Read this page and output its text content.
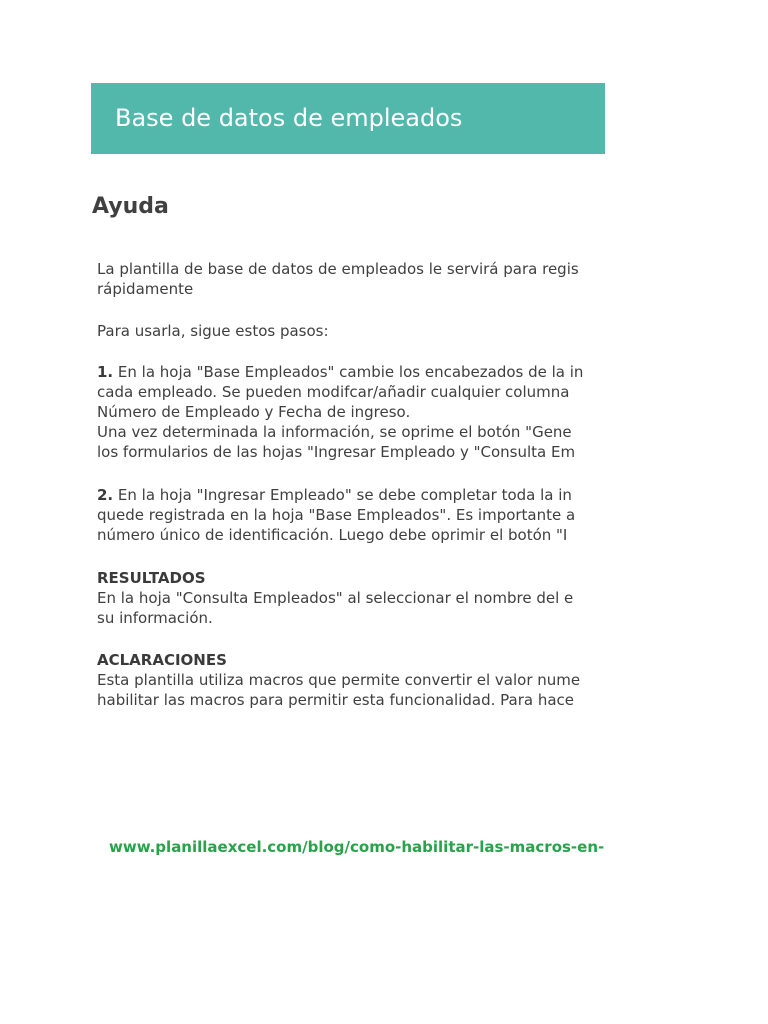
Base de datos de empleados
Ayuda
La plantilla de base de datos de empleados le servirá para regis
rápidamente
Para usarla, sigue estos pasos:
1. En la hoja "Base Empleados" cambie los encabezados de la in
cada empleado. Se pueden modifcar/añadir cualquier columna
Número de Empleado y Fecha de ingreso.
Una vez determinada la información, se oprime el botón "Gene
los formularios de las hojas "Ingresar Empleado y "Consulta Em
2. En la hoja "Ingresar Empleado" se debe completar toda la in
quede registrada en la hoja "Base Empleados". Es importante a
número único de identificación. Luego debe oprimir el botón "I
RESULTADOS
En la hoja "Consulta Empleados" al seleccionar el nombre del e
su información.
ACLARACIONES
Esta plantilla utiliza macros que permite convertir el valor nume
habilitar las macros para permitir esta funcionalidad. Para hace
www.planillaexcel.com/blog/como-habilitar-las-macros-en-
